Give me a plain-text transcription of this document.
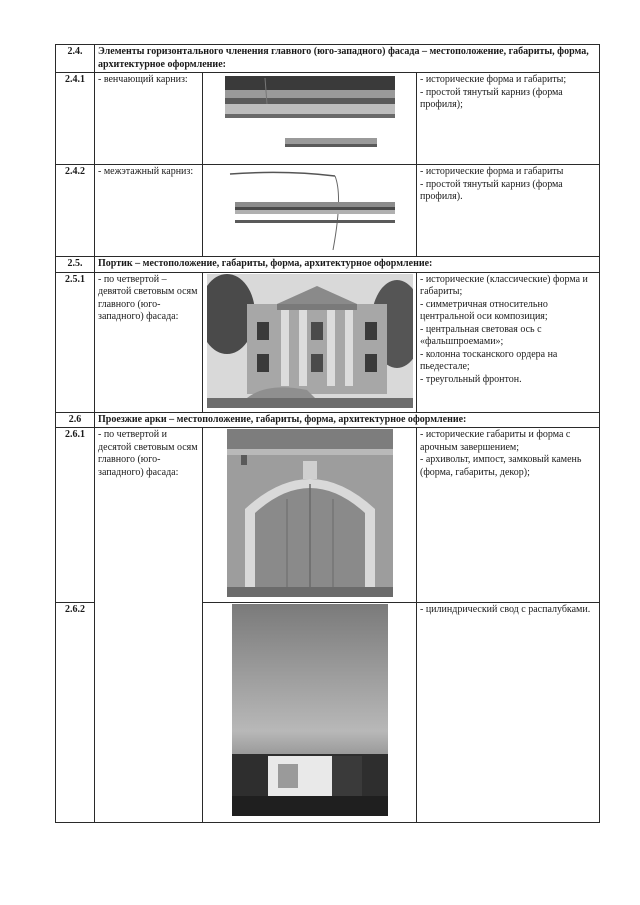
2.4.	Элементы горизонтального членения главного (юго-западного) фасада – местоположение, габариты, форма, архитектурное оформление:		
2.4.1	- венчающий карниз:		- исторические форма и габариты;
- простой тянутый карниз (форма профиля);

2.4.2	- межэтажный карниз:		- исторические форма и габариты
- простой тянутый карниз (форма профиля).

2.5.	Портик – местоположение, габариты, форма, архитектурное оформление:		
2.5.1	- по четвертой – девятой световым осям главного (юго-западного) фасада:		- исторические (классические) форма и габариты;
- симметричная относительно центральной оси композиция;
- центральная световая ось с «фальшпроемами»;
- колонна тосканского ордера на пьедестале;
- треугольный фронтон.

2.6	Проезжие арки – местоположение, габариты, форма, архитектурное оформление:		
2.6.1	- по четвертой и десятой световым осям главного (юго-западного) фасада:		- исторические габариты и форма с арочным завершением;
- архивольт, импост, замковый камень (форма, габариты, декор);

2.6.2			- цилиндрический свод с распалубками.
